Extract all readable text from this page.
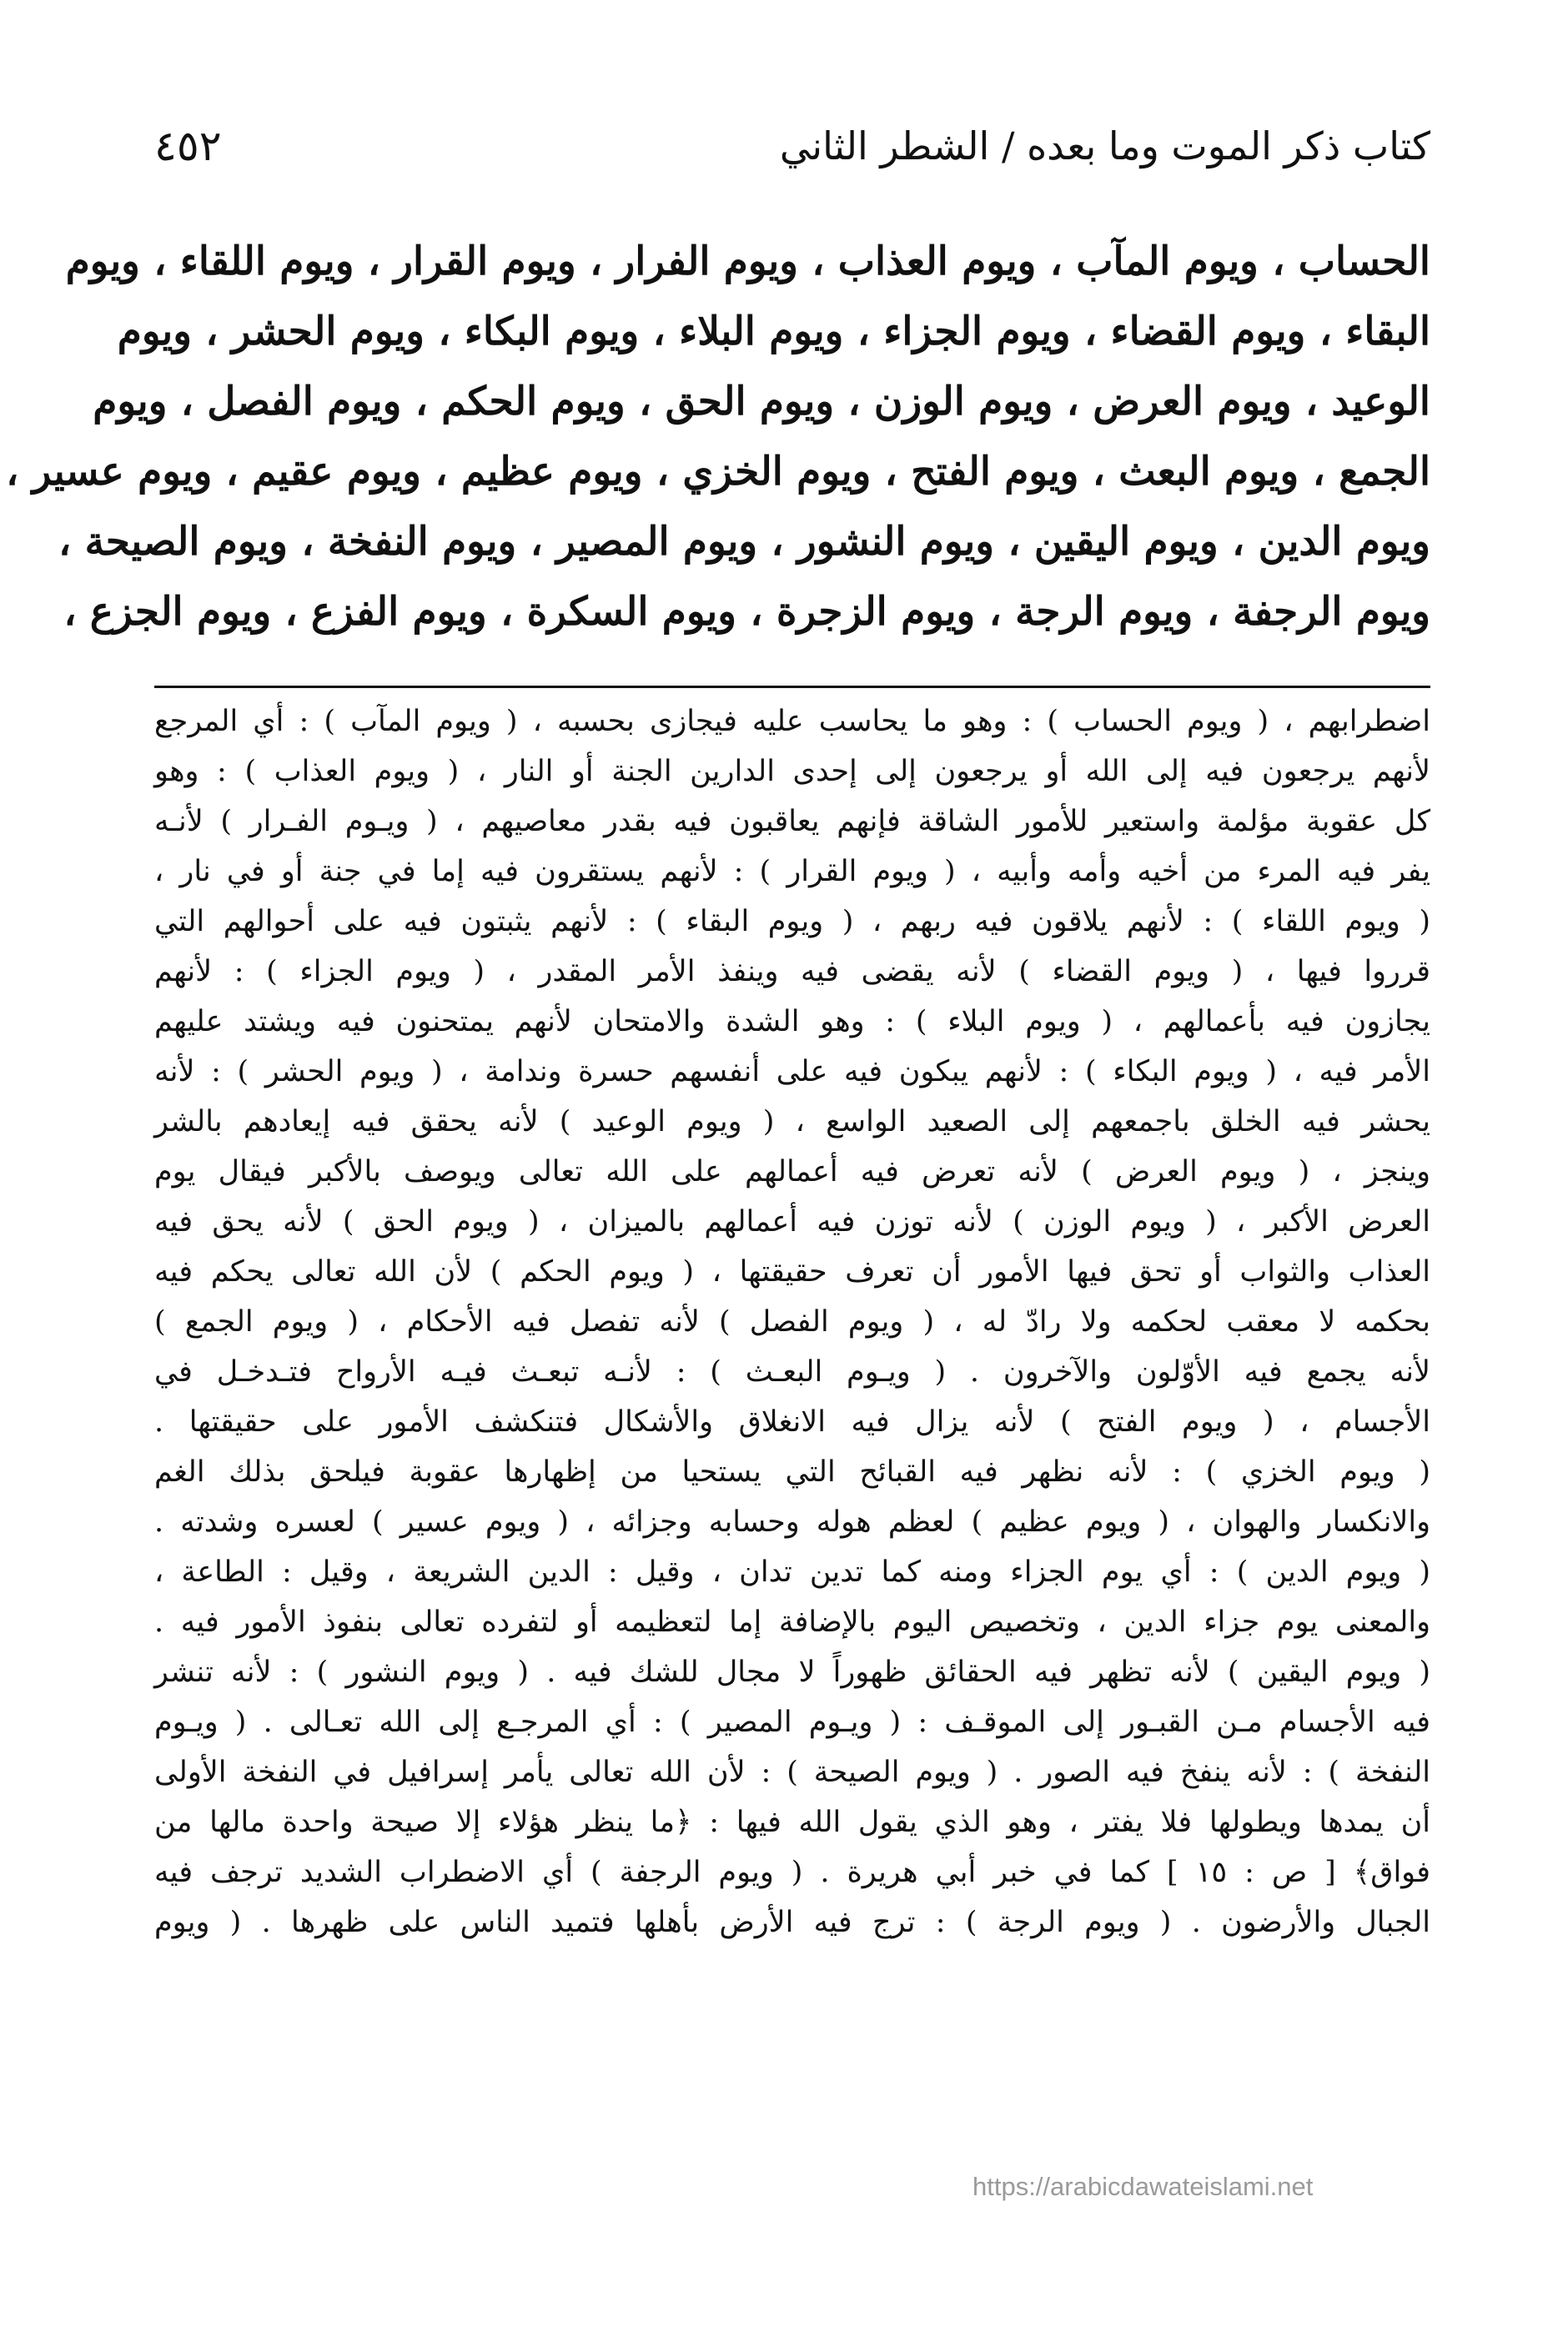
كتاب ذكر الموت وما بعده / الشطر الثاني
٤٥٢
الحساب ، ويوم المآب ، ويوم العذاب ، ويوم الفرار ، ويوم القرار ، ويوم اللقاء ، ويوم
البقاء ، ويوم القضاء ، ويوم الجزاء ، ويوم البلاء ، ويوم البكاء ، ويوم الحشر ، ويوم
الوعيد ، ويوم العرض ، ويوم الوزن ، ويوم الحق ، ويوم الحكم ، ويوم الفصل ، ويوم
الجمع ، ويوم البعث ، ويوم الفتح ، ويوم الخزي ، ويوم عظيم ، ويوم عقيم ، ويوم عسير ،
ويوم الدين ، ويوم اليقين ، ويوم النشور ، ويوم المصير ، ويوم النفخة ، ويوم الصيحة ،
ويوم الرجفة ، ويوم الرجة ، ويوم الزجرة ، ويوم السكرة ، ويوم الفزع ، ويوم الجزع ،
اضطرابهم ، ( ويوم الحساب ) : وهو ما يحاسب عليه فيجازى بحسبه ، ( ويوم المآب ) : أي المرجع
لأنهم يرجعون فيه إلى الله أو يرجعون إلى إحدى الدارين الجنة أو النار ، ( ويوم العذاب ) : وهو
كل عقوبة مؤلمة واستعير للأمور الشاقة فإنهم يعاقبون فيه بقدر معاصيهم ، ( ويـوم الفـرار ) لأنـه
يفر فيه المرء من أخيه وأمه وأبيه ، ( ويوم القرار ) : لأنهم يستقرون فيه إما في جنة أو في نار ،
( ويوم اللقاء ) : لأنهم يلاقون فيه ربهم ، ( ويوم البقاء ) : لأنهم يثبتون فيه على أحوالهم التي
قرروا فيها ، ( ويوم القضاء ) لأنه يقضى فيه وينفذ الأمر المقدر ، ( ويوم الجزاء ) : لأنهم
يجازون فيه بأعمالهم ، ( ويوم البلاء ) : وهو الشدة والامتحان لأنهم يمتحنون فيه ويشتد عليهم
الأمر فيه ، ( ويوم البكاء ) : لأنهم يبكون فيه على أنفسهم حسرة وندامة ، ( ويوم الحشر ) : لأنه
يحشر فيه الخلق باجمعهم إلى الصعيد الواسع ، ( ويوم الوعيد ) لأنه يحقق فيه إيعادهم بالشر
وينجز ، ( ويوم العرض ) لأنه تعرض فيه أعمالهم على الله تعالى ويوصف بالأكبر فيقال يوم
العرض الأكبر ، ( ويوم الوزن ) لأنه توزن فيه أعمالهم بالميزان ، ( ويوم الحق ) لأنه يحق فيه
العذاب والثواب أو تحق فيها الأمور أن تعرف حقيقتها ، ( ويوم الحكم ) لأن الله تعالى يحكم فيه
بحكمه لا معقب لحكمه ولا رادّ له ، ( ويوم الفصل ) لأنه تفصل فيه الأحكام ، ( ويوم الجمع )
لأنه يجمع فيه الأوّلون والآخرون . ( ويـوم البعـث ) : لأنـه تبعـث فيـه الأرواح فتـدخـل في
الأجسام ، ( ويوم الفتح ) لأنه يزال فيه الانغلاق والأشكال فتنكشف الأمور على حقيقتها .
( ويوم الخزي ) : لأنه نظهر فيه القبائح التي يستحيا من إظهارها عقوبة فيلحق بذلك الغم
والانكسار والهوان ، ( ويوم عظيم ) لعظم هوله وحسابه وجزائه ، ( ويوم عسير ) لعسره وشدته .
( ويوم الدين ) : أي يوم الجزاء ومنه كما تدين تدان ، وقيل : الدين الشريعة ، وقيل : الطاعة ،
والمعنى يوم جزاء الدين ، وتخصيص اليوم بالإضافة إما لتعظيمه أو لتفرده تعالى بنفوذ الأمور فيه .
( ويوم اليقين ) لأنه تظهر فيه الحقائق ظهوراً لا مجال للشك فيه . ( ويوم النشور ) : لأنه تنشر
فيه الأجسام مـن القبـور إلى الموقـف : ( ويـوم المصير ) : أي المرجـع إلى الله تعـالى . ( ويـوم
النفخة ) : لأنه ينفخ فيه الصور . ( ويوم الصيحة ) : لأن الله تعالى يأمر إسرافيل في النفخة الأولى
أن يمدها ويطولها فلا يفتر ، وهو الذي يقول الله فيها : ﴿ما ينظر هؤلاء إلا صيحة واحدة مالها من
فواق﴾ [ ص : ١٥ ] كما في خبر أبي هريرة . ( ويوم الرجفة ) أي الاضطراب الشديد ترجف فيه
الجبال والأرضون . ( ويوم الرجة ) : ترج فيه الأرض بأهلها فتميد الناس على ظهرها . ( ويوم
https://arabicdawateislami.net
